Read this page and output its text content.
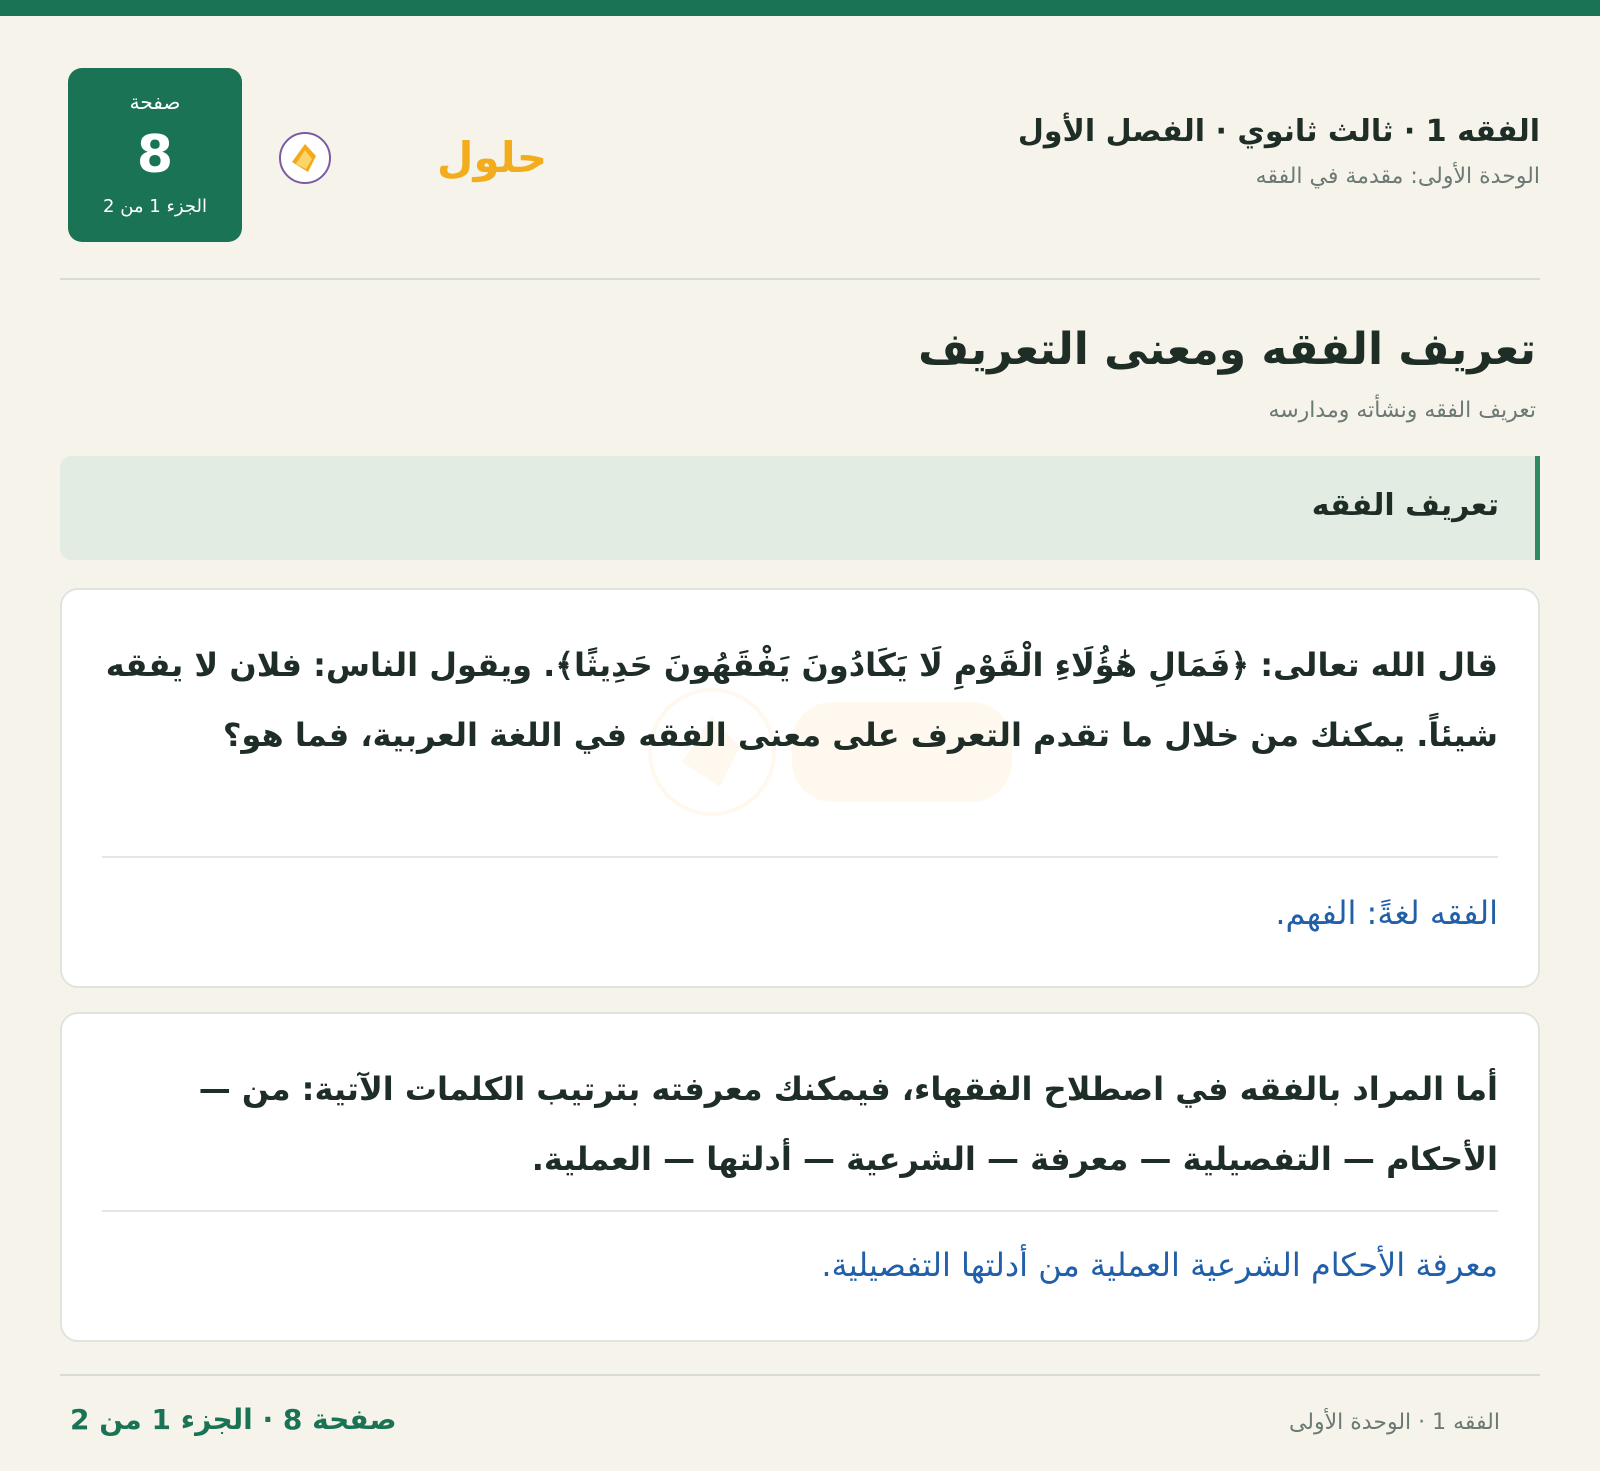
الفقه 1 · ثالث ثانوي · الفصل الأول
الوحدة الأولى: مقدمة في الفقه
حلول
صفحة
8
الجزء 1 من 2
تعريف الفقه ومعنى التعريف
تعريف الفقه ونشأته ومدارسه
تعريف الفقه
قال الله تعالى: ﴿فَمَالِ هَٰؤُلَاءِ الْقَوْمِ لَا يَكَادُونَ يَفْقَهُونَ حَدِيثًا﴾. ويقول الناس: فلان لا يفقه شيئاً. يمكنك من خلال ما تقدم التعرف على معنى الفقه في اللغة العربية، فما هو؟
الفقه لغةً: الفهم.
أما المراد بالفقه في اصطلاح الفقهاء، فيمكنك معرفته بترتيب الكلمات الآتية: من — الأحكام — التفصيلية — معرفة — الشرعية — أدلتها — العملية.
معرفة الأحكام الشرعية العملية من أدلتها التفصيلية.
الفقه 1 · الوحدة الأولى
صفحة 8 · الجزء 1 من 2
